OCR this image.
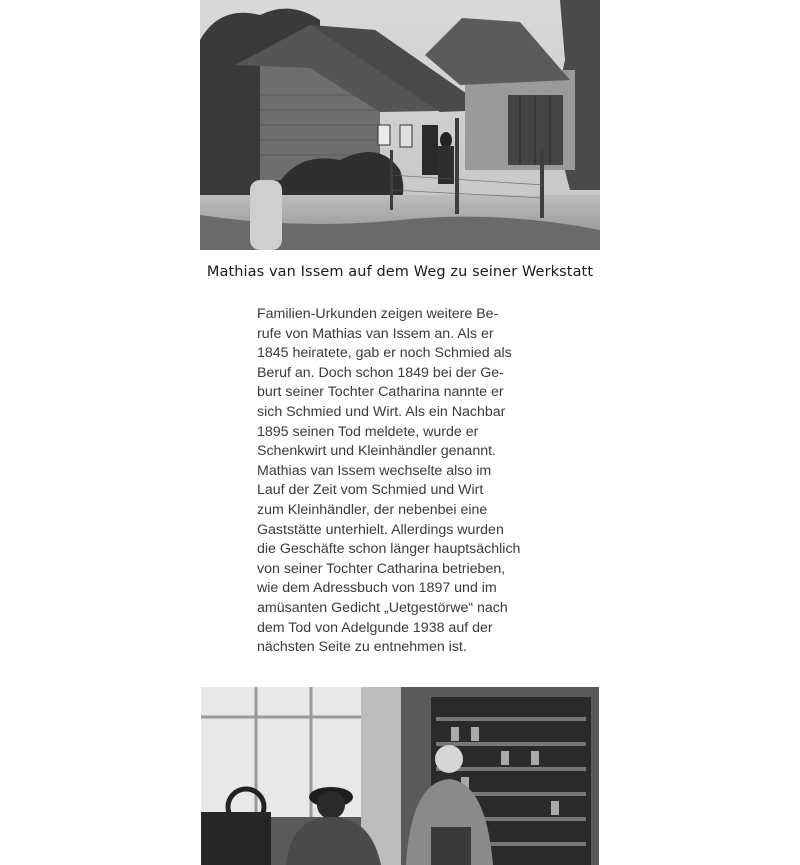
Mathias van Issem auf dem Weg zu seiner Werkstatt
Familien-Urkunden zeigen weitere Be-
rufe von Mathias van Issem an. Als er
1845 heiratete, gab er noch Schmied als
Beruf an. Doch schon 1849 bei der Ge-
burt seiner Tochter Catharina nannte er
sich Schmied und Wirt. Als ein Nachbar
1895 seinen Tod meldete, wurde er
Schenkwirt und Kleinhändler genannt.
Mathias van Issem wechselte also im
Lauf der Zeit vom Schmied und Wirt
zum Kleinhändler, der nebenbei eine
Gaststätte unterhielt. Allerdings wurden
die Geschäfte schon länger hauptsächlich
von seiner Tochter Catharina betrieben,
wie dem Adressbuch von 1897 und im
amüsanten Gedicht „Uetgestörwe“ nach
dem Tod von Adelgunde 1938 auf der
nächsten Seite zu entnehmen ist.
